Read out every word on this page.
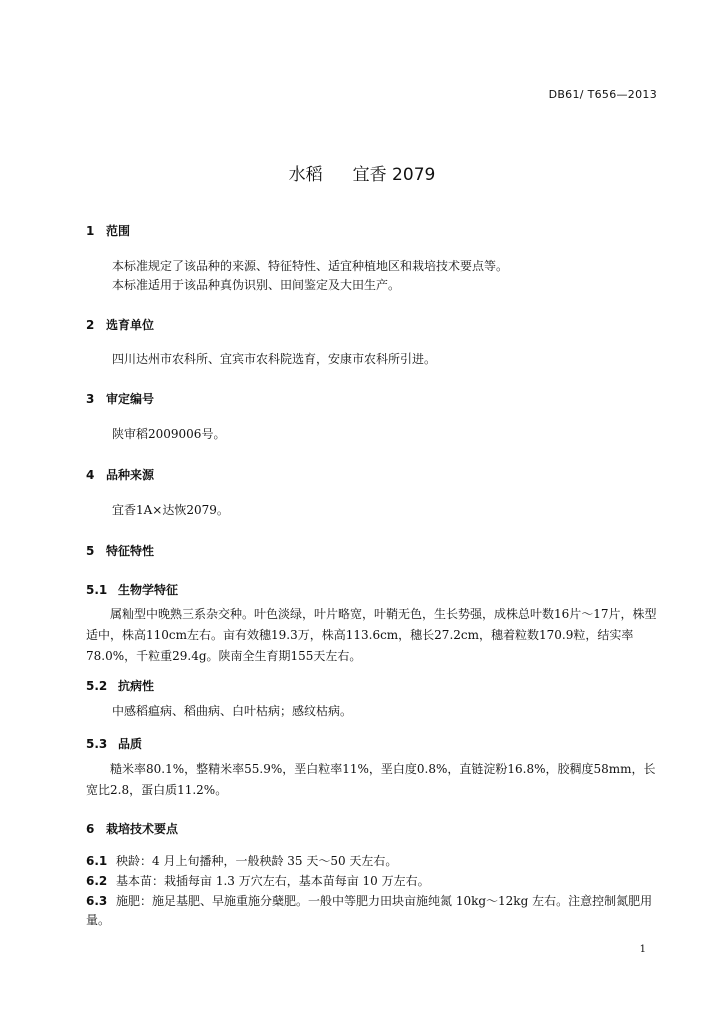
DB61/ T656—2013
水稻 宜香 2079
1 范围
本标准规定了该品种的来源、特征特性、适宜种植地区和栽培技术要点等。
本标准适用于该品种真伪识别、田间鉴定及大田生产。
2 选育单位
四川达州市农科所、宜宾市农科院选育，安康市农科所引进。
3 审定编号
陕审稻2009006号。
4 品种来源
宜香1A×达恢2079。
5 特征特性
5.1 生物学特征
属籼型中晚熟三系杂交种。叶色淡绿，叶片略宽，叶鞘无色，生长势强，成株总叶数16片～17片，株型适中，株高110cm左右。亩有效穗19.3万，株高113.6cm，穗长27.2cm，穗着粒数170.9粒，结实率78.0%，千粒重29.4g。陕南全生育期155天左右。
5.2 抗病性
中感稻瘟病、稻曲病、白叶枯病；感纹枯病。
5.3 品质
糙米率80.1%，整精米率55.9%，垩白粒率11%，垩白度0.8%，直链淀粉16.8%，胶稠度58mm，长宽比2.8，蛋白质11.2%。
6 栽培技术要点
6.1 秧龄：4 月上旬播种，一般秧龄 35 天～50 天左右。
6.2 基本苗：栽插每亩 1.3 万穴左右，基本苗每亩 10 万左右。
6.3 施肥：施足基肥、早施重施分蘖肥。一般中等肥力田块亩施纯氮 10kg～12kg 左右。注意控制氮肥用量。
1
